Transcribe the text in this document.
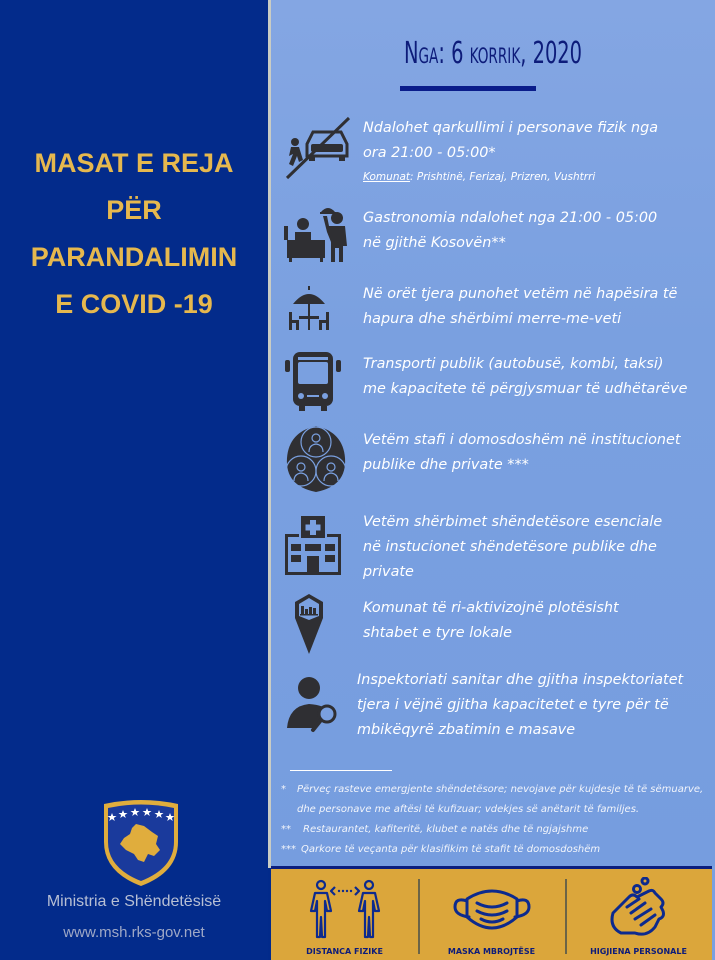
MASAT E REJA
PËR
PARANDALIMIN
E COVID -19
Ministria e Shëndetësisë
www.msh.rks-gov.net
Nga: 6 korrik, 2020
Ndalohet qarkullimi i personave fizik nga
ora 21:00 - 05:00*
Komunat: Prishtinë, Ferizaj, Prizren, Vushtrri
Gastronomia ndalohet nga 21:00 - 05:00
në gjithë Kosovën**
Në orët tjera punohet vetëm në hapësira të
hapura dhe shërbimi merre-me-veti
Transporti publik (autobusë, kombi, taksi)
me kapacitete të përgjysmuar të udhëtarëve
Vetëm stafi i domosdoshëm në institucionet
publike dhe private ***
Vetëm shërbimet shëndetësore esenciale
në instucionet shëndetësore publike dhe
private
Komunat të ri-aktivizojnë plotësisht
shtabet e tyre lokale
Inspektoriati sanitar dhe gjitha inspektoriatet
tjera i vëjnë gjitha kapacitetet e tyre për të
mbikëqyrë zbatimin e masave
*	Përveç rasteve emergjente shëndetësore; nevojave për kujdesje të të sëmuarve,
dhe personave me aftësi të kufizuar; vdekjes së anëtarit të familjes.
**	Restaurantet, kafiteritë, klubet e natës dhe të ngjajshme
*** Qarkore të veçanta për klasifikim të stafit të domosdoshëm
DISTANCA FIZIKE	MASKA MBROJTËSE	HIGJIENA PERSONALE
